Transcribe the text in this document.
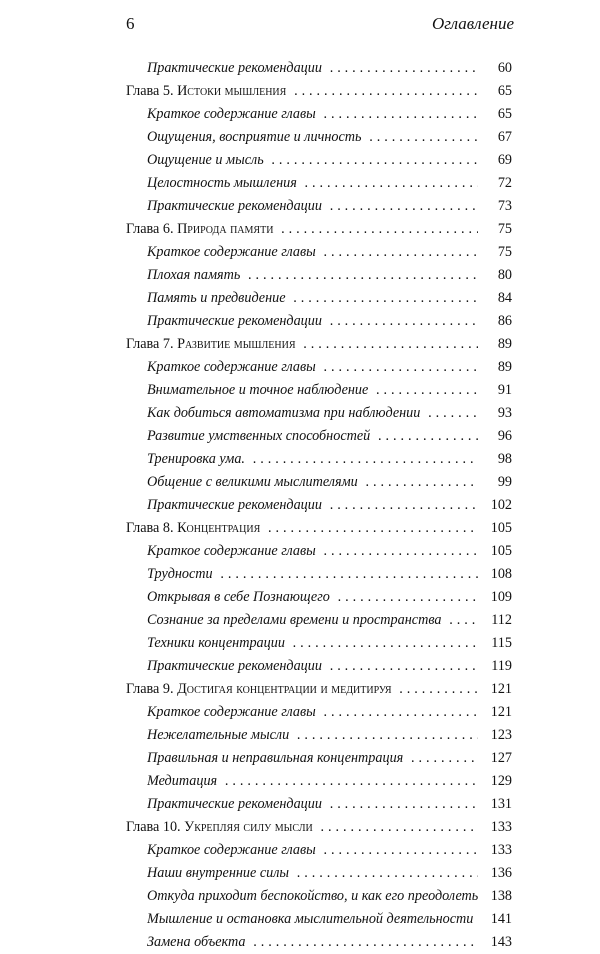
6	Оглавление
Практические рекомендации . . .	60
Глава 5. Истоки мышления . . .	65
Краткое содержание главы . . .	65
Ощущения, восприятие и личность . . .	67
Ощущение и мысль . . .	69
Целостность мышления . . .	72
Практические рекомендации . . .	73
Глава 6. Природа памяти . . .	75
Краткое содержание главы . . .	75
Плохая память . . .	80
Память и предвидение . . .	84
Практические рекомендации . . .	86
Глава 7. Развитие мышления . . .	89
Краткое содержание главы . . .	89
Внимательное и точное наблюдение . . .	91
Как добиться автоматизма при наблюдении . . .	93
Развитие умственных способностей . . .	96
Тренировка ума. . . .	98
Общение с великими мыслителями . . .	99
Практические рекомендации . . .	102
Глава 8. Концентрация . . .	105
Краткое содержание главы . . .	105
Трудности . . .	108
Открывая в себе Познающего . . .	109
Сознание за пределами времени и пространства . . .	112
Техники концентрации . . .	115
Практические рекомендации . . .	119
Глава 9. Достигая концентрации и медитируя . . .	121
Краткое содержание главы . . .	121
Нежелательные мысли . . .	123
Правильная и неправильная концентрация . . .	127
Медитация . . .	129
Практические рекомендации . . .	131
Глава 10. Укрепляя силу мысли . . .	133
Краткое содержание главы . . .	133
Наши внутренние силы . . .	136
Откуда приходит беспокойство, и как его преодолеть . . . 138
Мышление и остановка мыслительной деятельности . . .	141
Замена объекта . . .	143
